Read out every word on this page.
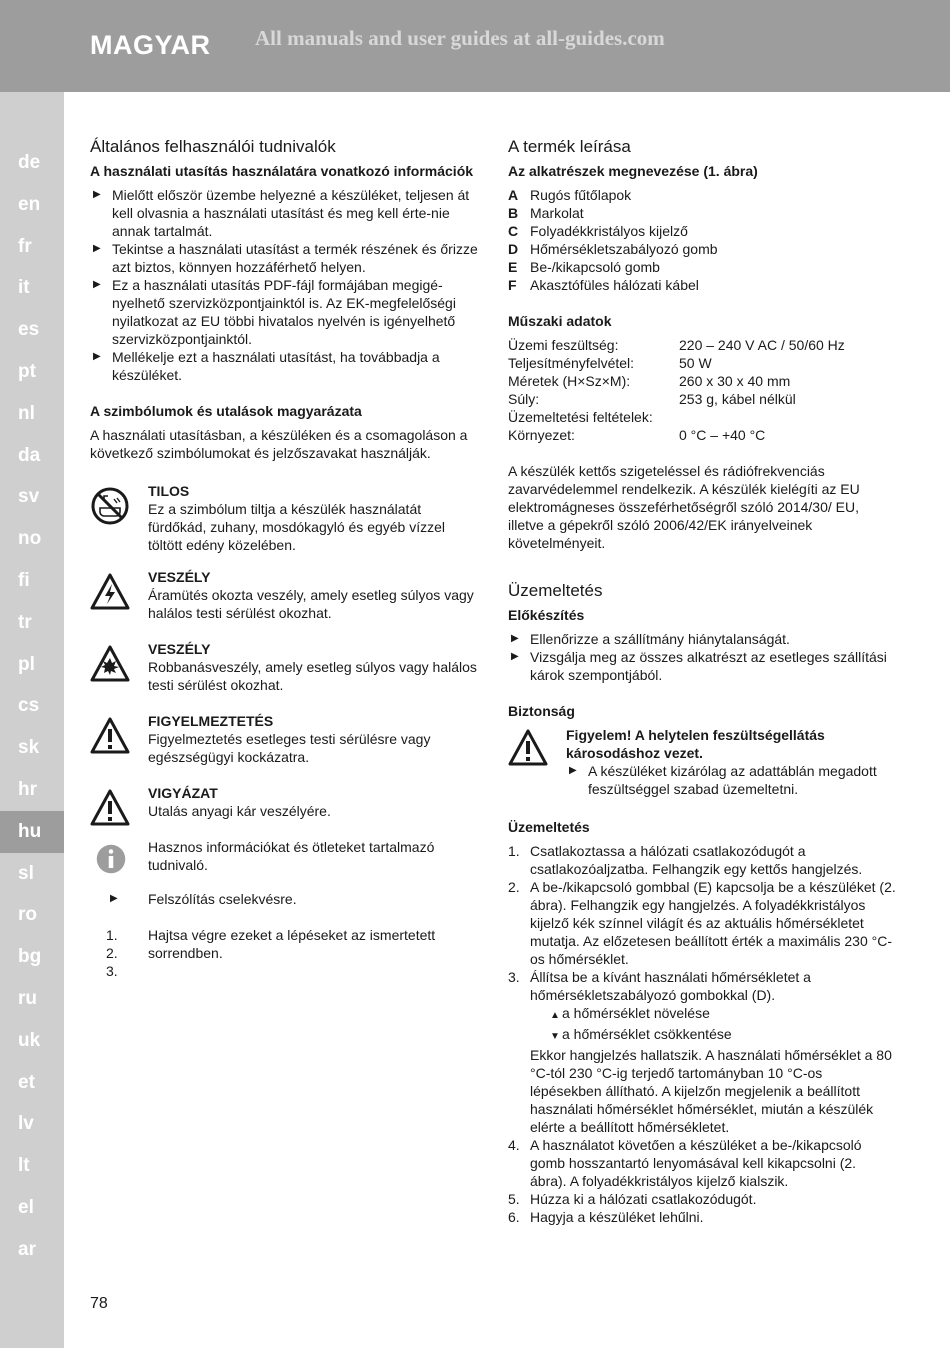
MAGYAR All manuals and user guides at all-guides.com
de
en
fr
it
es
pt
nl
da
sv
no
fi
tr
pl
cs
sk
hr
hu
sl
ro
bg
ru
uk
et
lv
lt
el
ar
Általános felhasználói tudnivalók
A használati utasítás használatára vonatkozó információk
▶ Mielőtt először üzembe helyezné a készüléket, teljesen át kell olvasnia a használati utasítást és meg kell érte-nie annak tartalmát.
▶ Tekintse a használati utasítást a termék részének és őrizze azt biztos, könnyen hozzáférhető helyen.
▶ Ez a használati utasítás PDF-fájl formájában megigé-nyelhető szervizközpontjainktól is. Az EK-megfelelőségi nyilatkozat az EU többi hivatalos nyelvén is igényelhető szervizközpontjainktól.
▶ Mellékelje ezt a használati utasítást, ha továbbadja a készüléket.
A szimbólumok és utalások magyarázata

A használati utasításban, a készüléken és a csomagoláson a következő szimbólumokat és jelzőszavakat használják.

TILOS

Ez a szimbólum tiltja a készülék használatát fürdőkád, zuhany, mosdókagyló és egyéb vízzel töltött edény közelében.

VESZÉLY

Áramütés okozta veszély, amely esetleg súlyos vagy halálos testi sérülést okozhat.

VESZÉLY

Robbanásveszély, amely esetleg súlyos vagy halálos testi sérülést okozhat.

FIGYELMEZTETÉS

Figyelmeztetés esetleges testi sérülésre vagy egészségügyi kockázatra.

VIGYÁZAT

Utalás anyagi kár veszélyére.

Hasznos információkat és ötleteket tartalmazó tudnivaló.

▶ Felszólítás cselekvésre.

1.
2.
3.

Hajtsa végre ezeket a lépéseket az ismertetett sorrendben.

A termék leírása
Az alkatrészek megnevezése (1. ábra)
A Rugós fűtőlapok
B Markolat
C Folyadékkristályos kijelző
D Hőmérsékletszabályozó gomb
E Be-/kikapcsoló gomb
F Akasztófüles hálózati kábel
Műszaki adatok
Üzemi feszültség:	220 – 240 V AC / 50/60 Hz
Teljesítményfelvétel:	50 W
Méretek (H×Sz×M):	260 x 30 x 40 mm
Súly:	253 g, kábel nélkül
Üzemeltetési feltételek:
Környezet:	0 °C – +40 °C

A készülék kettős szigeteléssel és rádiófrekvenciás zavarvédelemmel rendelkezik. A készülék kielégíti az EU elektromágneses összeférhetőségről szóló 2014/30/ EU, illetve a gépekről szóló 2006/42/EK irányelveinek követelményeit.

Üzemeltetés
Előkészítés
▶ Ellenőrizze a szállítmány hiánytalanságát.
▶ Vizsgálja meg az összes alkatrészt az esetleges szállítási károk szempontjából.
Biztonság
Figyelem! A helytelen feszültségellátás károsodáshoz vezet.
▶ A készüléket kizárólag az adattáblán megadott feszültséggel szabad üzemeltetni.
Üzemeltetés
1. Csatlakoztassa a hálózati csatlakozódugót a csatlakozóaljzatba. Felhangzik egy kettős hangjelzés.
2. A be-/kikapcsoló gombbal (E) kapcsolja be a készüléket (2. ábra). Felhangzik egy hangjelzés. A folyadékkristályos kijelző kék színnel világít és az aktuális hőmérsékletet mutatja. Az előzetesen beállított érték a maximális 230 °C-os hőmérséklet.
3. Állítsa be a kívánt használati hőmérsékletet a hőmérsékletszabályozó gombokkal (D).
▲ a hőmérséklet növelése
▼ a hőmérséklet csökkentése
Ekkor hangjelzés hallatszik. A használati hőmérséklet a 80 °C-tól 230 °C-ig terjedő tartományban 10 °C-os lépésekben állítható. A kijelzőn megjelenik a beállított használati hőmérséklet hőmérséklet, miután a készülék elérte a beállított hőmérsékletet.
4. A használatot követően a készüléket a be-/kikapcsoló gomb hosszantartó lenyomásával kell kikapcsolni (2. ábra). A folyadékkristályos kijelző kialszik.
5. Húzza ki a hálózati csatlakozódugót.
6. Hagyja a készüléket lehűlni.
78
